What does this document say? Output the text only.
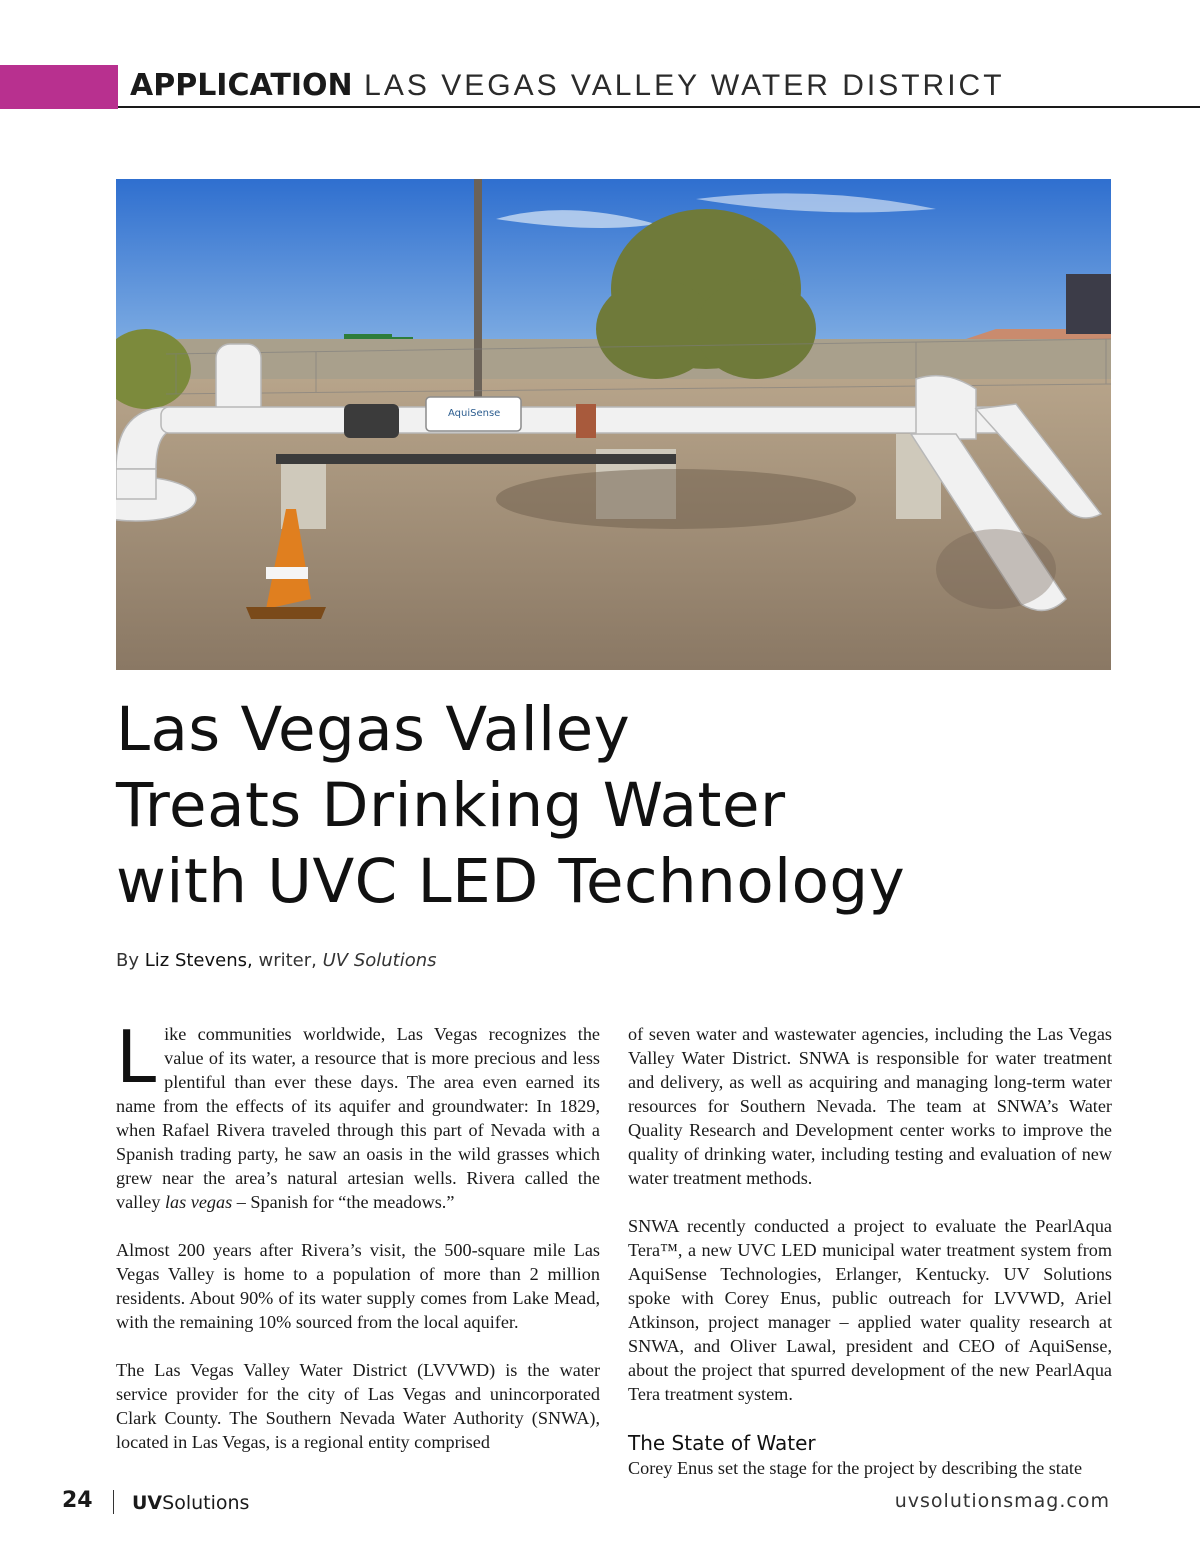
APPLICATION LAS VEGAS VALLEY WATER DISTRICT
AquiSense
Las Vegas Valley
Treats Drinking Water
with UVC LED Technology
By Liz Stevens, writer, UV Solutions

Like communities worldwide, Las Vegas recognizes the value of its water, a resource that is more precious and less plentiful than ever these days. The area even earned its name from the effects of its aquifer and groundwater: In 1829, when Rafael Rivera traveled through this part of Nevada with a Spanish trading party, he saw an oasis in the wild grasses which grew near the area’s natural artesian wells. Rivera called the valley las vegas – Spanish for “the meadows.”

Almost 200 years after Rivera’s visit, the 500-square mile Las Vegas Valley is home to a population of more than 2 million residents. About 90% of its water supply comes from Lake Mead, with the remaining 10% sourced from the local aquifer.

The Las Vegas Valley Water District (LVVWD) is the water service provider for the city of Las Vegas and unincorporated Clark County. The Southern Nevada Water Authority (SNWA), located in Las Vegas, is a regional entity comprised

of seven water and wastewater agencies, including the Las Vegas Valley Water District. SNWA is responsible for water treatment and delivery, as well as acquiring and managing long-term water resources for Southern Nevada. The team at SNWA’s Water Quality Research and Development center works to improve the quality of drinking water, including testing and evaluation of new water treatment methods.

SNWA recently conducted a project to evaluate the PearlAqua Tera™, a new UVC LED municipal water treatment system from AquiSense Technologies, Erlanger, Kentucky. UV Solutions spoke with Corey Enus, public outreach for LVVWD, Ariel Atkinson, project manager – applied water quality research at SNWA, and Oliver Lawal, president and CEO of AquiSense, about the project that spurred development of the new PearlAqua Tera treatment system.

The State of Water

Corey Enus set the stage for the project by describing the state

24 UVSolutions	uvsolutionsmag.com
